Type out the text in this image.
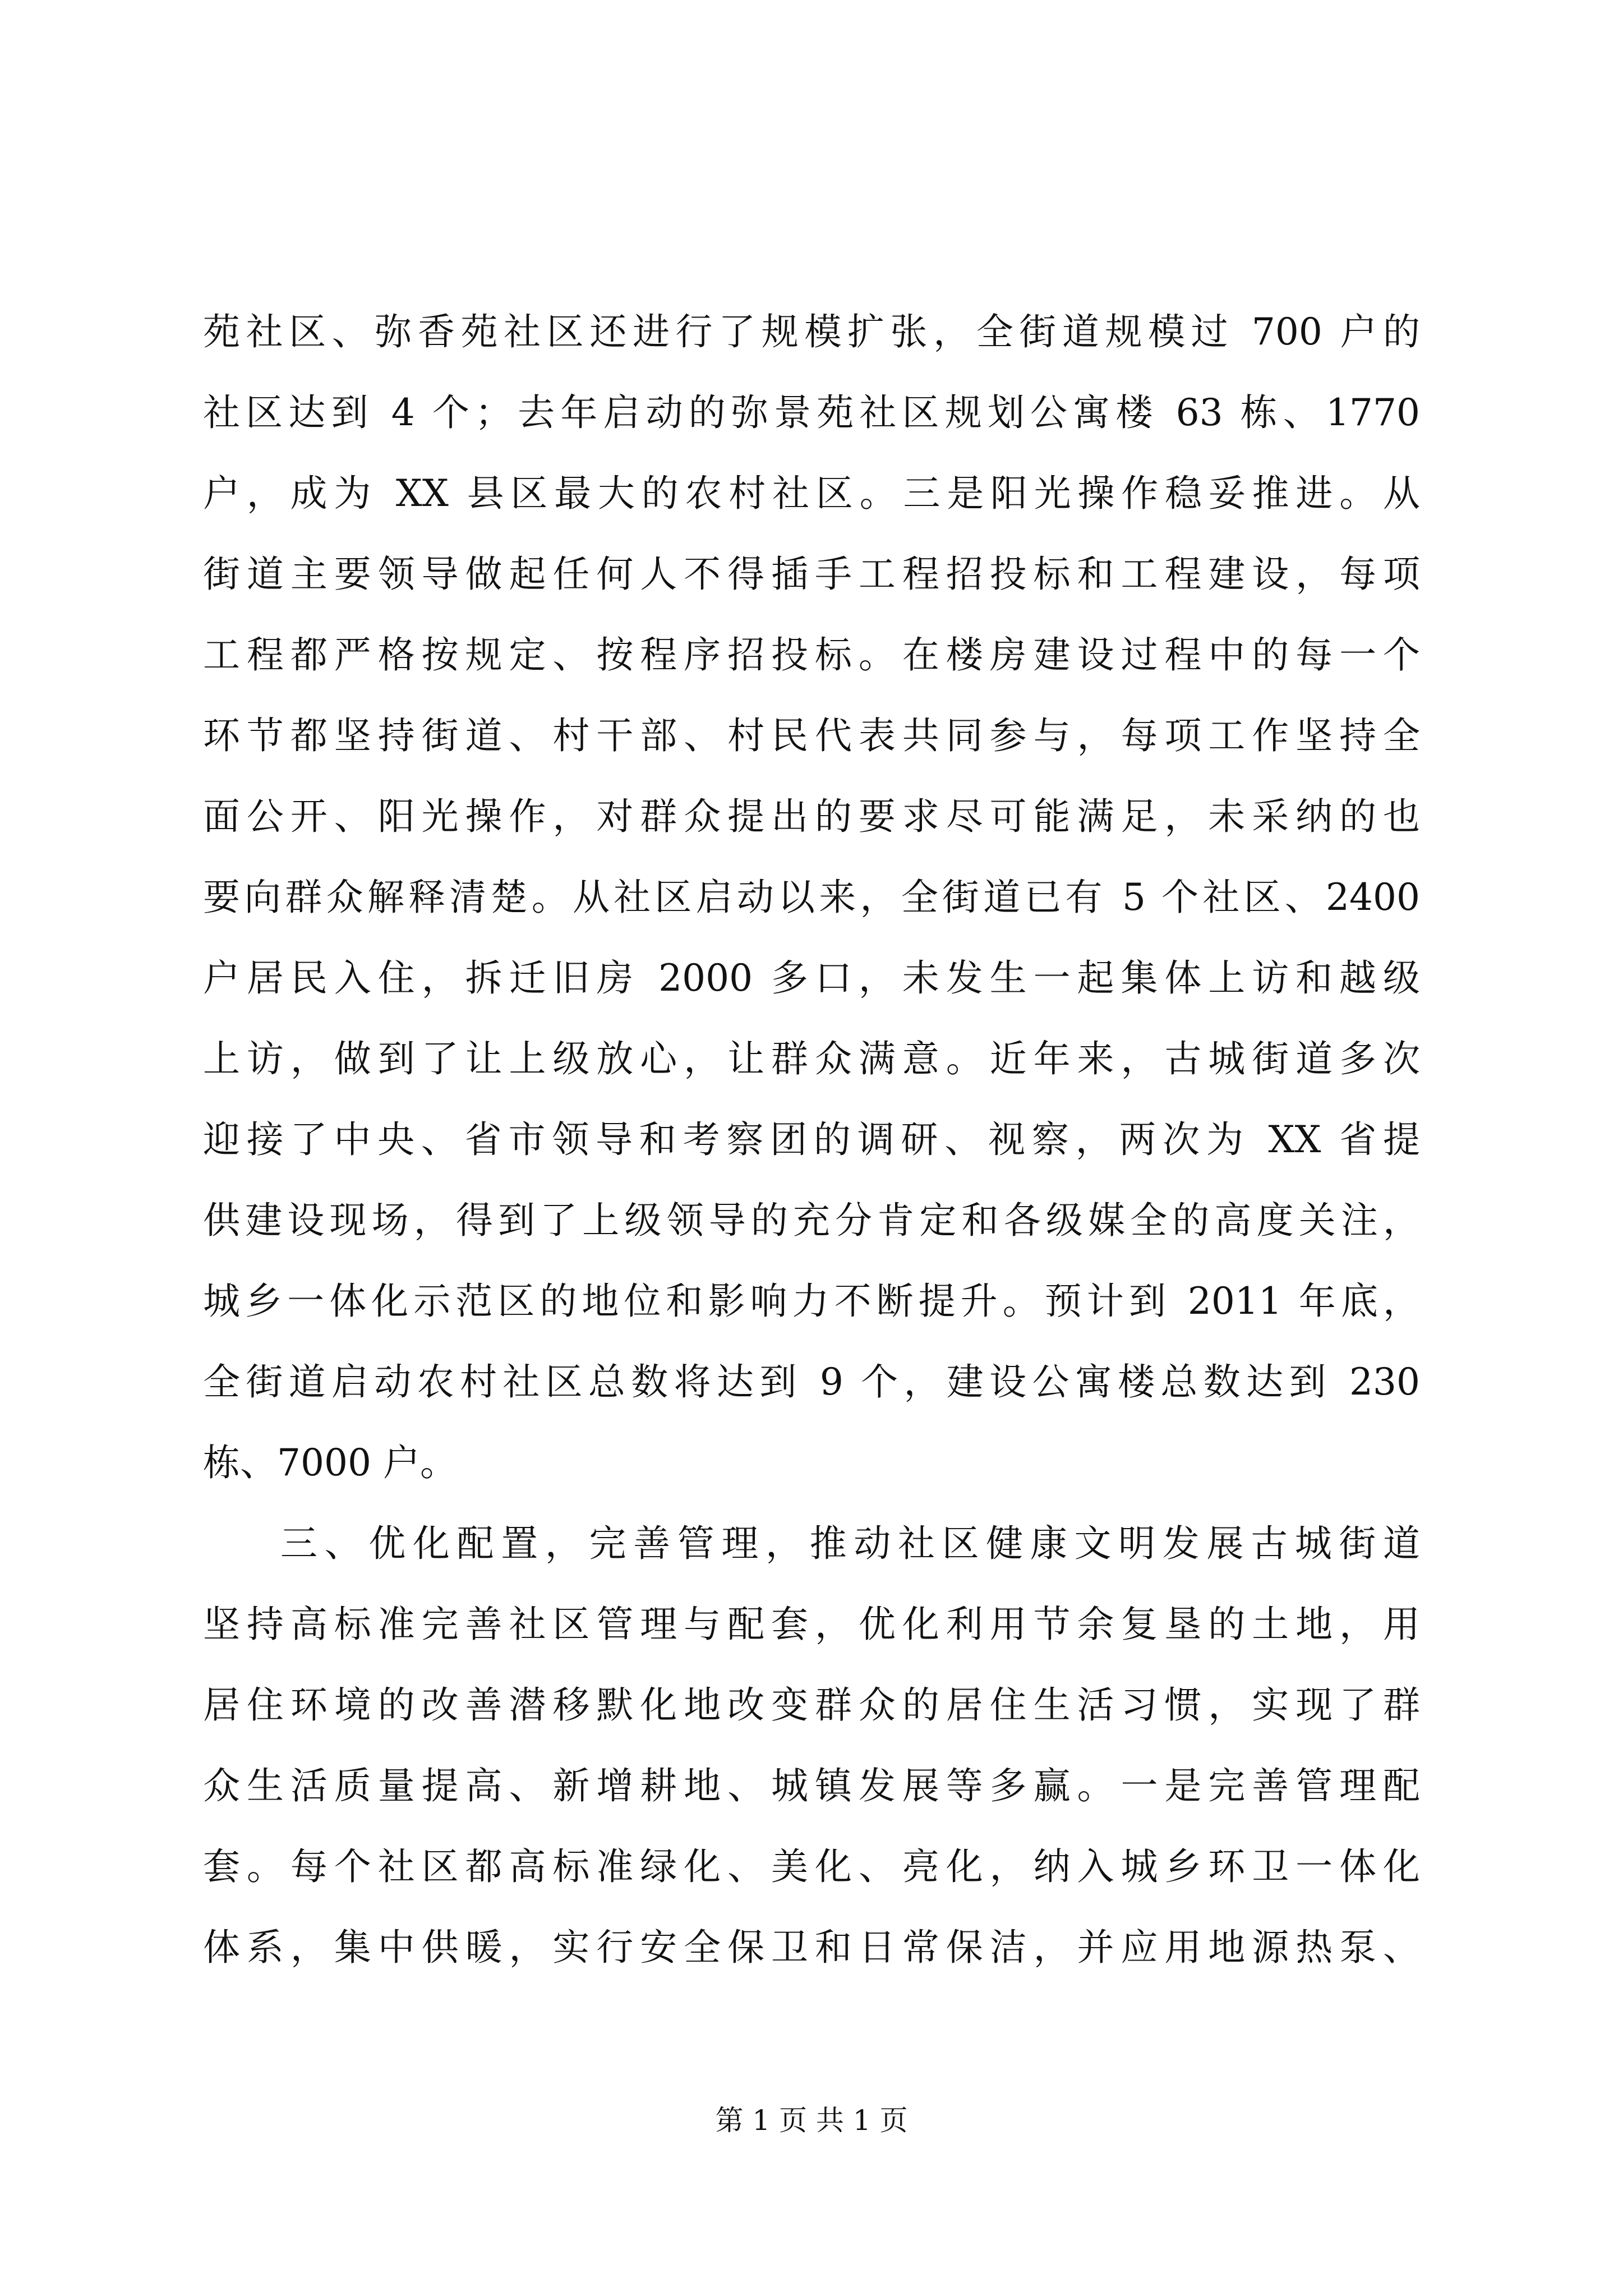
苑社区、弥香苑社区还进行了规模扩张，全街道规模过 700 户的
社区达到 4 个；去年启动的弥景苑社区规划公寓楼 63 栋、1770
户，成为 XX 县区最大的农村社区。三是阳光操作稳妥推进。从
街道主要领导做起任何人不得插手工程招投标和工程建设，每项
工程都严格按规定、按程序招投标。在楼房建设过程中的每一个
环节都坚持街道、村干部、村民代表共同参与，每项工作坚持全
面公开、阳光操作，对群众提出的要求尽可能满足，未采纳的也
要向群众解释清楚。从社区启动以来，全街道已有 5 个社区、2400
户居民入住，拆迁旧房 2000 多口，未发生一起集体上访和越级
上访，做到了让上级放心，让群众满意。近年来，古城街道多次
迎接了中央、省市领导和考察团的调研、视察，两次为 XX 省提
供建设现场，得到了上级领导的充分肯定和各级媒全的高度关注，
城乡一体化示范区的地位和影响力不断提升。预计到 2011 年底，
全街道启动农村社区总数将达到 9 个，建设公寓楼总数达到 230
栋、7000 户。
三、优化配置，完善管理，推动社区健康文明发展古城街道
坚持高标准完善社区管理与配套，优化利用节余复垦的土地，用
居住环境的改善潜移默化地改变群众的居住生活习惯，实现了群
众生活质量提高、新增耕地、城镇发展等多赢。一是完善管理配
套。每个社区都高标准绿化、美化、亮化，纳入城乡环卫一体化
体系，集中供暖，实行安全保卫和日常保洁，并应用地源热泵、
第 1 页 共 1 页
